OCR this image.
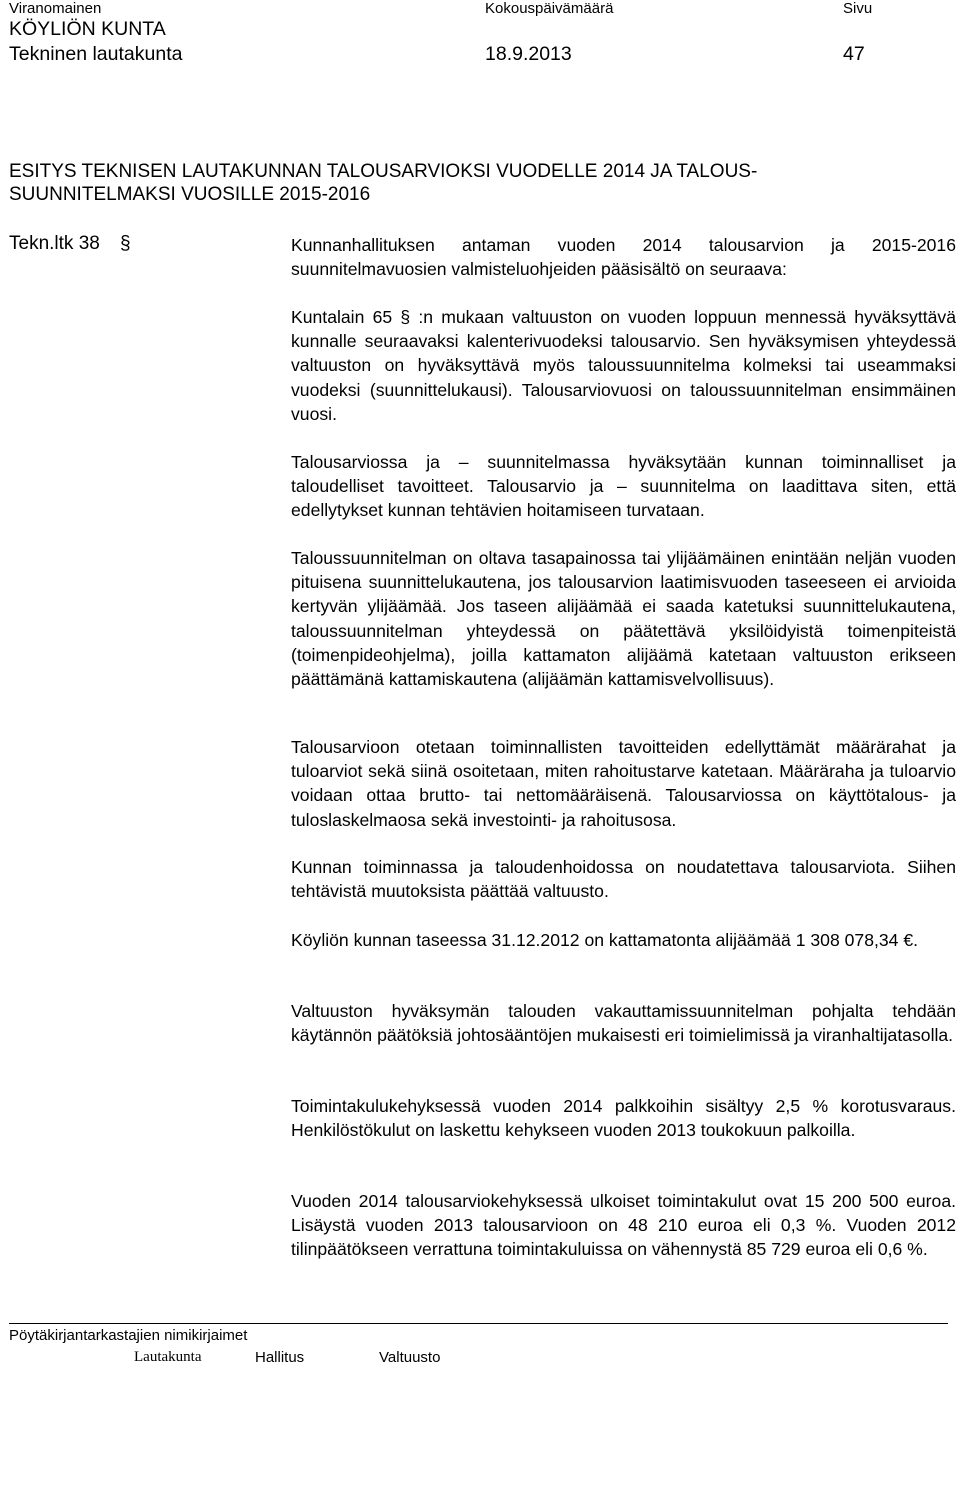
Viranomainen	Kokouspäivämäärä	Sivu
KÖYLIÖN KUNTA
Tekninen lautakunta	18.9.2013	47
ESITYS TEKNISEN LAUTAKUNNAN TALOUSARVIOKSI VUODELLE 2014 JA TALOUS-
SUUNNITELMAKSI VUOSILLE 2015-2016
Tekn.ltk 38 §	Kunnanhallituksen antaman vuoden 2014 talousarvion ja 2015-2016 suunnitelmavuosien valmisteluohjeiden pääsisältö on seuraava:

Kuntalain 65 § :n mukaan valtuuston on vuoden loppuun mennessä hyväksyttävä kunnalle seuraavaksi kalenterivuodeksi talousarvio. Sen hyväksymisen yhteydessä valtuuston on hyväksyttävä myös taloussuunnitelma kolmeksi tai useammaksi vuodeksi (suunnittelukausi). Talousarviovuosi on taloussuunnitelman ensimmäinen vuosi.

Talousarviossa ja – suunnitelmassa hyväksytään kunnan toiminnalliset ja taloudelliset tavoitteet. Talousarvio ja – suunnitelma on laadittava siten, että edellytykset kunnan tehtävien hoitamiseen turvataan.

Taloussuunnitelman on oltava tasapainossa tai ylijäämäinen enintään neljän vuoden pituisena suunnittelukautena, jos talousarvion laatimisvuoden taseeseen ei arvioida kertyvän ylijäämää. Jos taseen alijäämää ei saada katetuksi suunnittelukautena, taloussuunnitelman yhteydessä on päätettävä yksilöidyistä toimenpiteistä (toimenpideohjelma), joilla kattamaton alijäämä katetaan valtuuston erikseen päättämänä kattamiskautena (alijäämän kattamisvelvollisuus).

Talousarvioon otetaan toiminnallisten tavoitteiden edellyttämät määrärahat ja tuloarviot sekä siinä osoitetaan, miten rahoitustarve katetaan. Määräraha ja tuloarvio voidaan ottaa brutto- tai nettomääräisenä. Talousarviossa on käyttötalous- ja tuloslaskelmaosa sekä investointi- ja rahoitusosa.

Kunnan toiminnassa ja taloudenhoidossa on noudatettava talousarviota. Siihen tehtävistä muutoksista päättää valtuusto.

Köyliön kunnan taseessa 31.12.2012 on kattamatonta alijäämää 1 308 078,34 €.

Valtuuston hyväksymän talouden vakauttamissuunnitelman pohjalta tehdään käytännön päätöksiä johtosääntöjen mukaisesti eri toimielimissä ja viranhaltijatasolla.

Toimintakulukehyksessä vuoden 2014 palkkoihin sisältyy 2,5 % korotusvaraus. Henkilöstökulut on laskettu kehykseen vuoden 2013 toukokuun palkoilla.

Vuoden 2014 talousarviokehyksessä ulkoiset toimintakulut ovat 15 200 500 euroa. Lisäystä vuoden 2013 talousarvioon on 48 210 euroa eli 0,3 %. Vuoden 2012 tilinpäätökseen verrattuna toimintakuluissa on vähennystä 85 729 euroa eli 0,6 %.

Pöytäkirjantarkastajien nimikirjaimet
Lautakunta	Hallitus	Valtuusto
